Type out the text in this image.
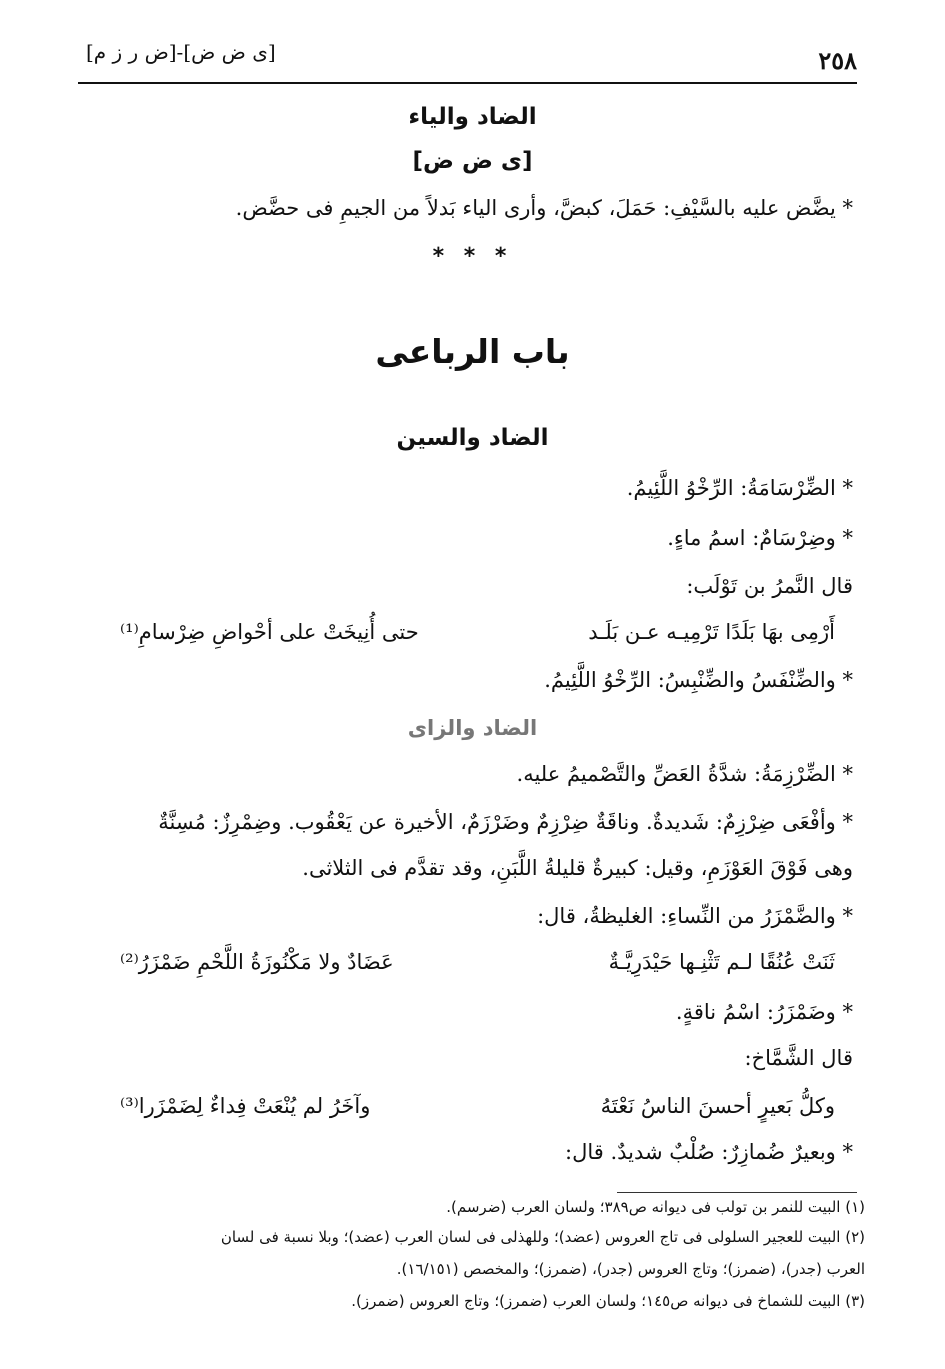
٢٥٨
[ى ض ض]-[ض ر ز م]
الضاد والياء
[ى ض ض]
* يضَّض عليه بالسَّيْفِ: حَمَلَ، كبضَّ، وأرى الياء بَدلاً من الجيمِ فى حضَّض.
* * *
باب الرباعى
الضاد والسين
* الضِّرْسَامَةُ: الرِّخْوُ اللَّئِيمُ.
* وضِرْسَامٌ: اسمُ ماءٍ.
قال النَّمرُ بن تَوْلَب:
أَرْمِى بهَا بَلَدًا تَرْمِيـه عـن بَلَـد
حتى أُنِيخَتْ على أحْواضِ ضِرْسامِ⁽¹⁾
* والضِّنْفَسُ والضِّنْبِسُ: الرِّخْوُ اللَّئِيمُ.
الضاد والزاى
* الضِّرْزِمَةُ: شدَّةُ العَضِّ والتَّصْميمُ عليه.
* وأفْعَى ضِرْزِمٌ: شَديدةٌ. وناقَةٌ ضِرْزِمٌ وضَرْزَمٌ، الأخيرة عن يَعْقُوب. وضِمْرِزٌ: مُسِنَّةٌ
وهى فَوْقَ العَوْزَمِ، وقيل: كبيرةٌ قليلةُ اللَّبَنِ، وقد تقدَّم فى الثلاثى.
* والضَّمْزَرُ من النِّساءِ: الغليظةُ، قال:
ثَنَتْ عُنُقًا لـم تَثْنِـها حَيْدَرِيَّـةٌ
عَضَادٌ ولا مَكْنُوزَةُ اللَّحْمِ ضَمْزَرُ⁽²⁾
* وضَمْزَرُ: اسْمُ ناقةٍ.
قال الشَّمَّاخ:
وكلُّ بَعيرٍ أحسنَ الناسُ نَعْتَهُ
وآخَرُ لم يُنْعَتْ فِداءٌ لِضَمْزَرا⁽³⁾
* وبعيرٌ ضُمازِرٌ: صُلْبٌ شديدٌ. قال:
(١) البيت للنمر بن تولب فى ديوانه ص٣٨٩؛ ولسان العرب (ضرسم).
(٢) البيت للعجير السلولى فى تاج العروس (عضد)؛ وللهذلى فى لسان العرب (عضد)؛ وبلا نسبة فى لسان
العرب (جدر)، (ضمرز)؛ وتاج العروس (جدر)، (ضمرز)؛ والمخصص (١٦/١٥١).
(٣) البيت للشماخ فى ديوانه ص١٤٥؛ ولسان العرب (ضمرز)؛ وتاج العروس (ضمرز).
